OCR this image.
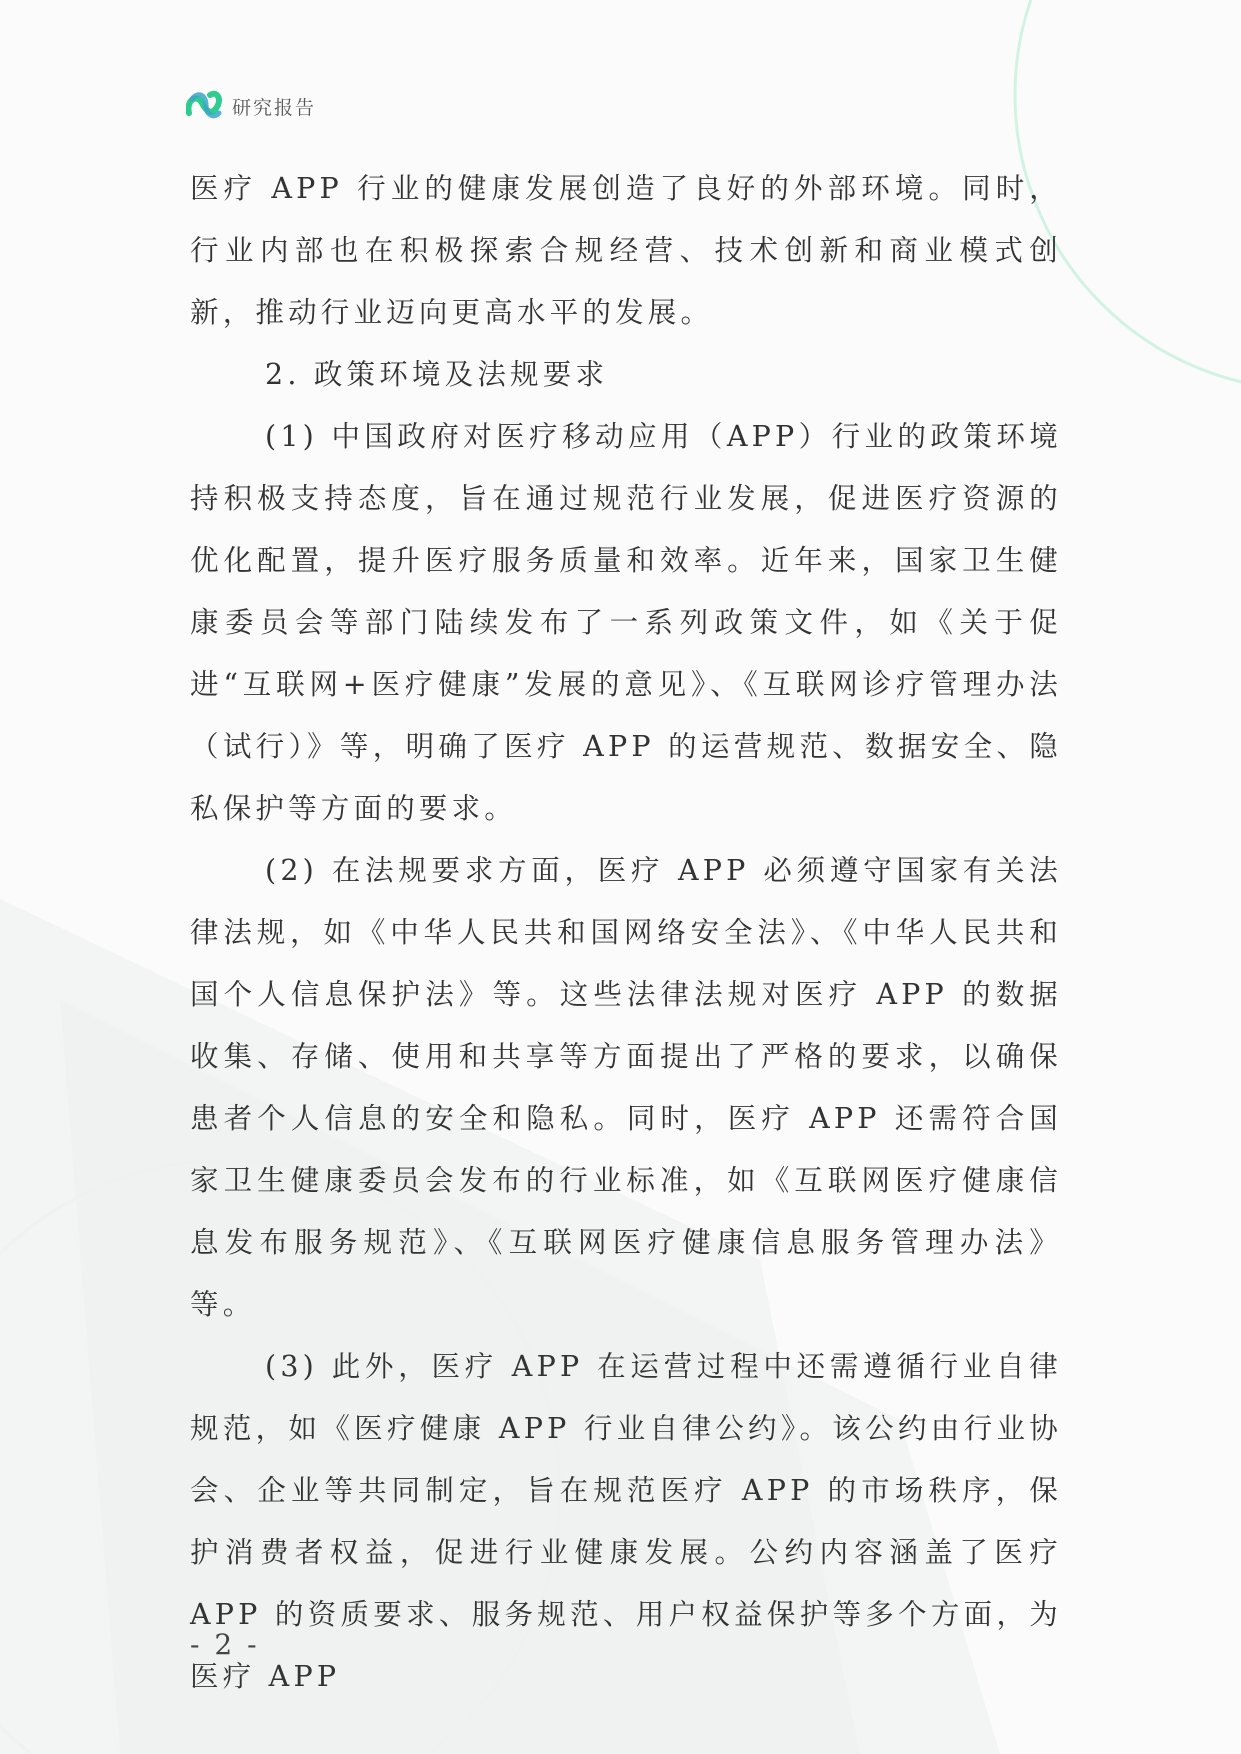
研究报告

医疗 APP 行业的健康发展创造了良好的外部环境。同时，行业内部也在积极探索合规经营、技术创新和商业模式创新，推动行业迈向更高水平的发展。

2. 政策环境及法规要求

(1) 中国政府对医疗移动应用（APP）行业的政策环境持积极支持态度，旨在通过规范行业发展，促进医疗资源的优化配置，提升医疗服务质量和效率。近年来，国家卫生健康委员会等部门陆续发布了一系列政策文件，如《关于促进“互联网+医疗健康”发展的意见》、《互联网诊疗管理办法（试行）》等，明确了医疗 APP 的运营规范、数据安全、隐私保护等方面的要求。

(2) 在法规要求方面，医疗 APP 必须遵守国家有关法律法规，如《中华人民共和国网络安全法》、《中华人民共和国个人信息保护法》等。这些法律法规对医疗 APP 的数据收集、存储、使用和共享等方面提出了严格的要求，以确保患者个人信息的安全和隐私。同时，医疗 APP 还需符合国家卫生健康委员会发布的行业标准，如《互联网医疗健康信息发布服务规范》、《互联网医疗健康信息服务管理办法》等。

(3) 此外，医疗 APP 在运营过程中还需遵循行业自律规范，如《医疗健康 APP 行业自律公约》。该公约由行业协会、企业等共同制定，旨在规范医疗 APP 的市场秩序，保护消费者权益，促进行业健康发展。公约内容涵盖了医疗 APP 的资质要求、服务规范、用户权益保护等多个方面，为医疗 APP

- 2 -
